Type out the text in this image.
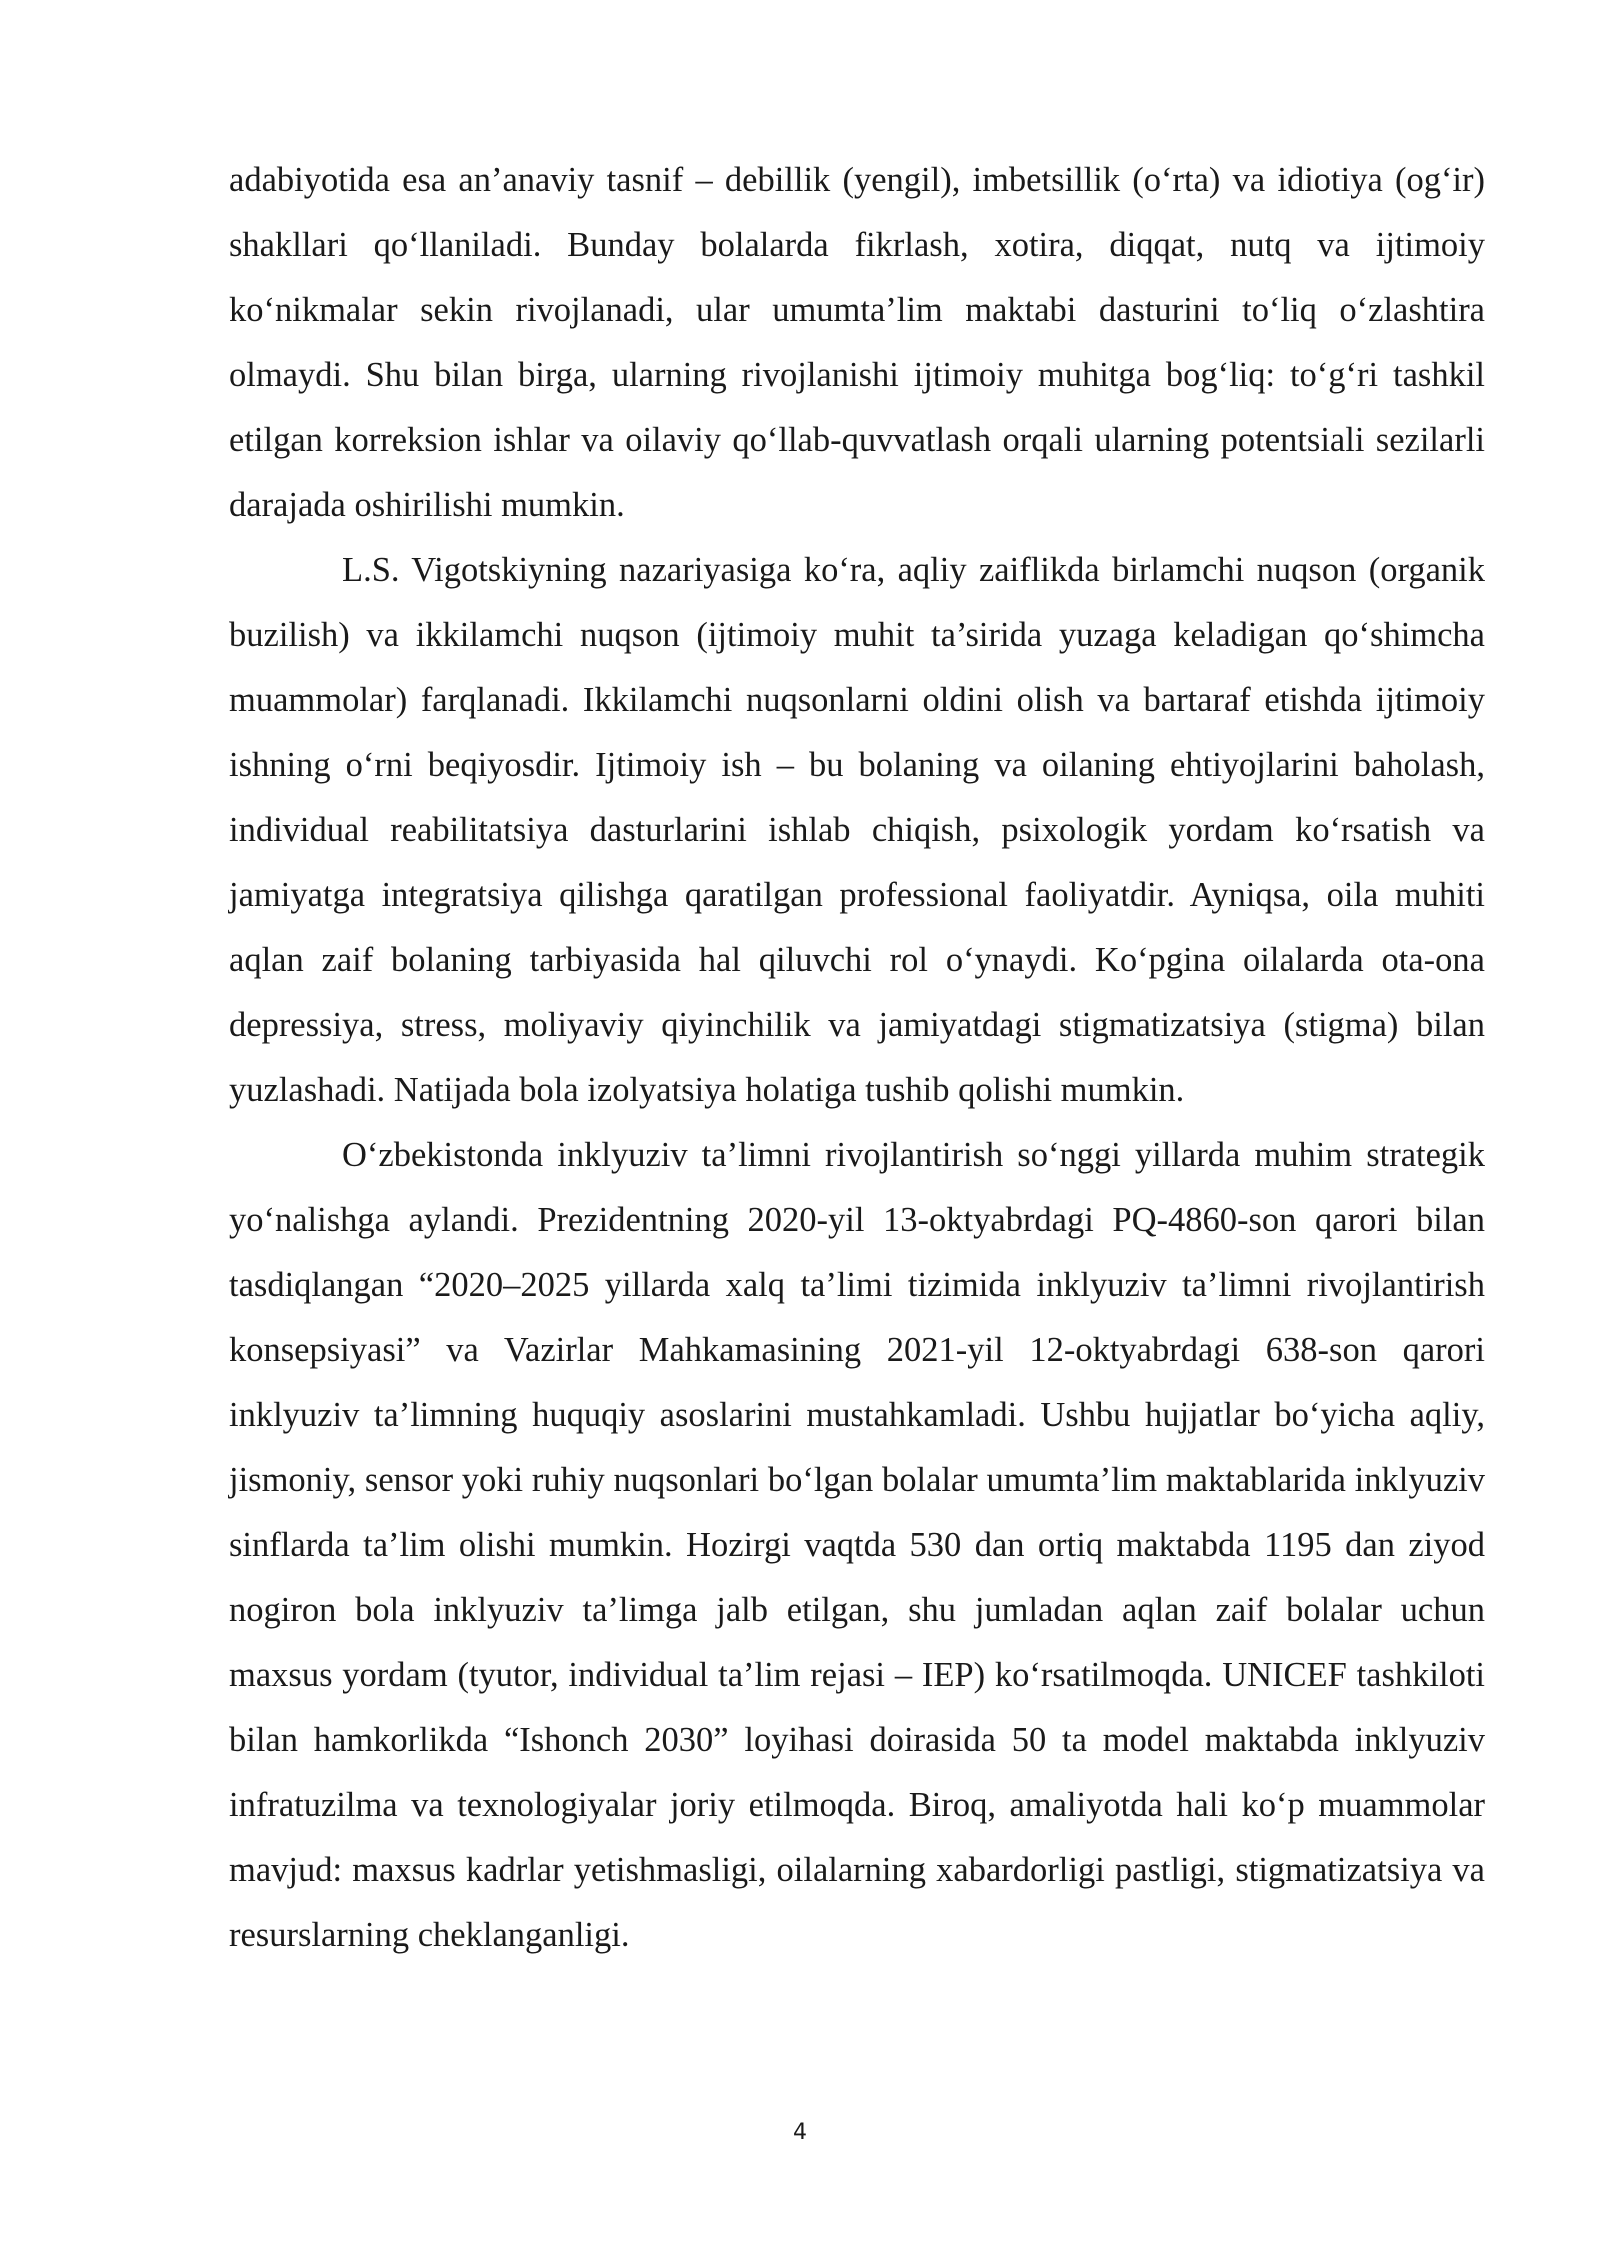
adabiyotida esa an’anaviy tasnif – debillik (yengil), imbetsillik (o‘rta) va idiotiya (og‘ir) shakllari qo‘llaniladi. Bunday bolalarda fikrlash, xotira, diqqat, nutq va ijtimoiy ko‘nikmalar sekin rivojlanadi, ular umumta’lim maktabi dasturini to‘liq o‘zlashtira olmaydi. Shu bilan birga, ularning rivojlanishi ijtimoiy muhitga bog‘liq: to‘g‘ri tashkil etilgan korreksion ishlar va oilaviy qo‘llab-quvvatlash orqali ularning potentsiali sezilarli darajada oshirilishi mumkin.

L.S. Vigotskiyning nazariyasiga ko‘ra, aqliy zaiflikda birlamchi nuqson (organik buzilish) va ikkilamchi nuqson (ijtimoiy muhit ta’sirida yuzaga keladigan qo‘shimcha muammolar) farqlanadi. Ikkilamchi nuqsonlarni oldini olish va bartaraf etishda ijtimoiy ishning o‘rni beqiyosdir. Ijtimoiy ish – bu bolaning va oilaning ehtiyojlarini baholash, individual reabilitatsiya dasturlarini ishlab chiqish, psixologik yordam ko‘rsatish va jamiyatga integratsiya qilishga qaratilgan professional faoliyatdir. Ayniqsa, oila muhiti aqlan zaif bolaning tarbiyasida hal qiluvchi rol o‘ynaydi. Ko‘pgina oilalarda ota-ona depressiya, stress, moliyaviy qiyinchilik va jamiyatdagi stigmatizatsiya (stigma) bilan yuzlashadi. Natijada bola izolyatsiya holatiga tushib qolishi mumkin.

O‘zbekistonda inklyuziv ta’limni rivojlantirish so‘nggi yillarda muhim strategik yo‘nalishga aylandi. Prezidentning 2020-yil 13-oktyabrdagi PQ-4860-son qarori bilan tasdiqlangan “2020–2025 yillarda xalq ta’limi tizimida inklyuziv ta’limni rivojlantirish konsepsiyasi” va Vazirlar Mahkamasining 2021-yil 12-oktyabrdagi 638-son qarori inklyuziv ta’limning huquqiy asoslarini mustahkamladi. Ushbu hujjatlar bo‘yicha aqliy, jismoniy, sensor yoki ruhiy nuqsonlari bo‘lgan bolalar umumta’lim maktablarida inklyuziv sinflarda ta’lim olishi mumkin. Hozirgi vaqtda 530 dan ortiq maktabda 1195 dan ziyod nogiron bola inklyuziv ta’limga jalb etilgan, shu jumladan aqlan zaif bolalar uchun maxsus yordam (tyutor, individual ta’lim rejasi – IEP) ko‘rsatilmoqda. UNICEF tashkiloti bilan hamkorlikda “Ishonch 2030” loyihasi doirasida 50 ta model maktabda inklyuziv infratuzilma va texnologiyalar joriy etilmoqda. Biroq, amaliyotda hali ko‘p muammolar mavjud: maxsus kadrlar yetishmasligi, oilalarning xabardorligi pastligi, stigmatizatsiya va resurslarning cheklanganligi.

4
